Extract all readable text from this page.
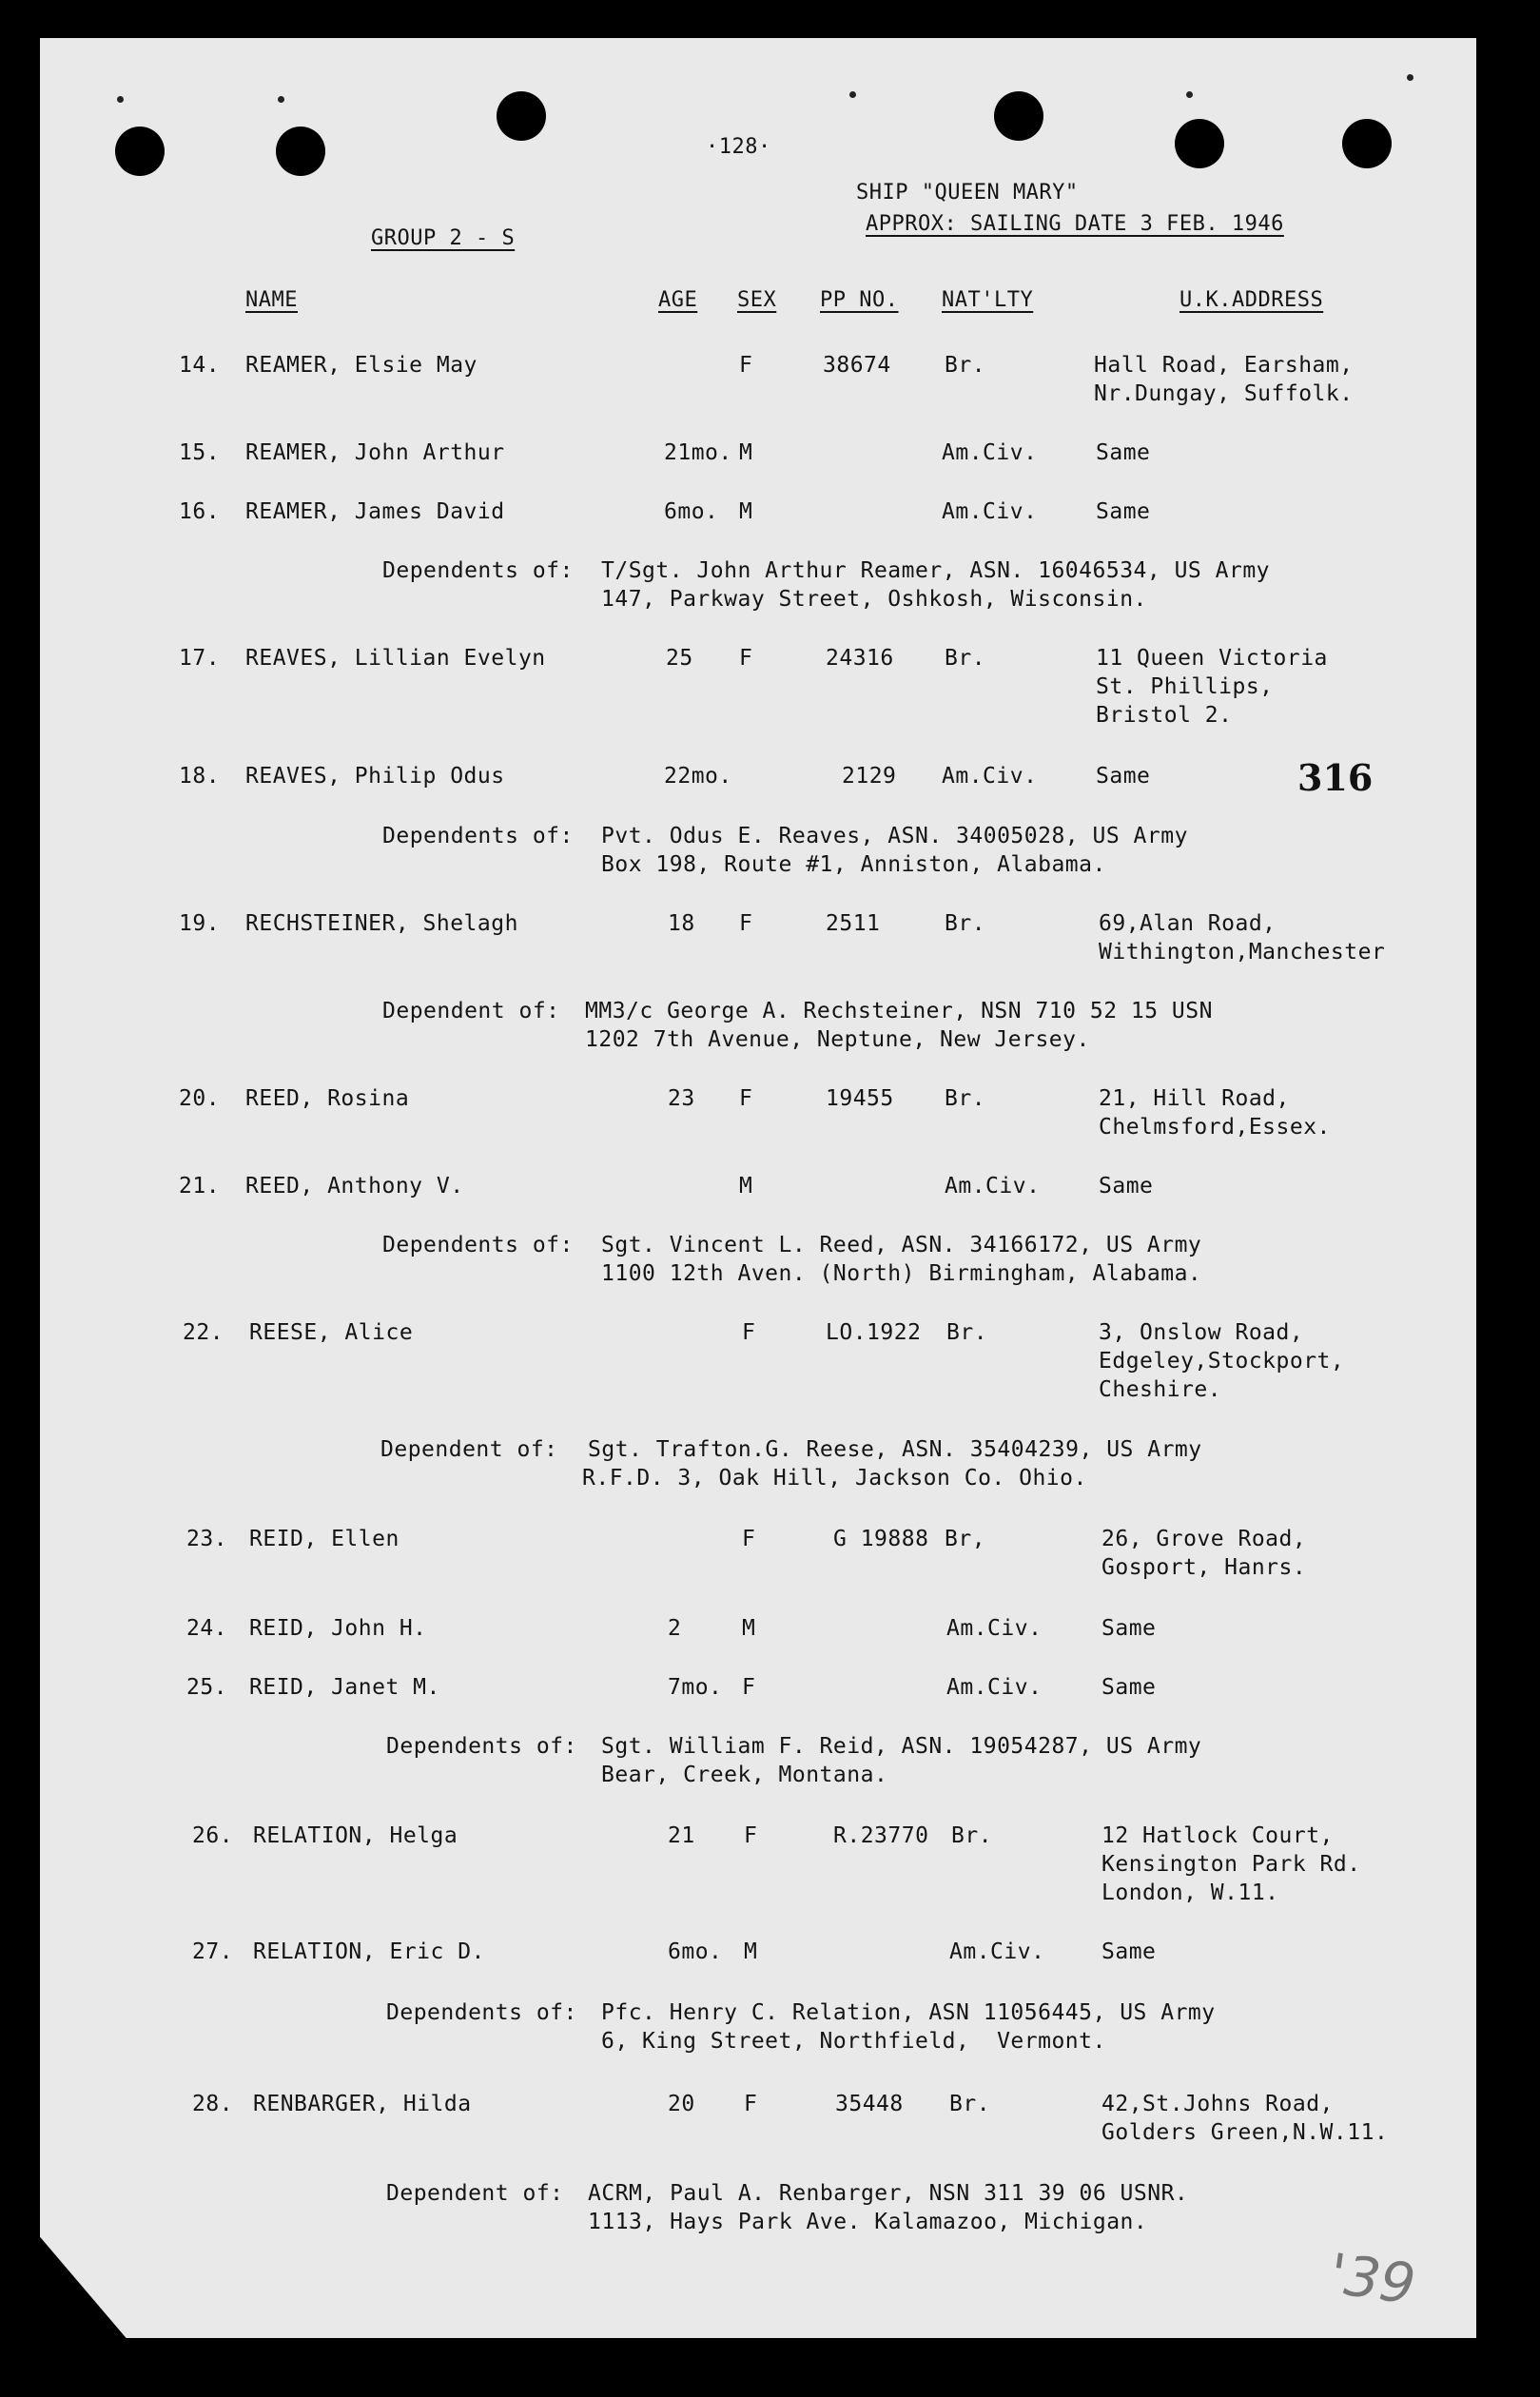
·128·
SHIP "QUEEN MARY"
APPROX: SAILING DATE 3 FEB. 1946
GROUP 2 - S
NAME	AGE SEX PP NO. NAT'LTY	U.K.ADDRESS
14. REAMER, Elsie May	F	38674 Br.	Hall Road, Earsham,
Nr.Dungay, Suffolk.
15. REAMER, John Arthur	21mo. M	Am.Civ.	Same
16. REAMER, James David	6mo. M	Am.Civ.	Same
Dependents of: T/Sgt. John Arthur Reamer, ASN. 16046534, US Army
147, Parkway Street, Oshkosh, Wisconsin.
17. REAVES, Lillian Evelyn	25 F	24316 Br.	11 Queen Victoria
St. Phillips,
Bristol 2.
18. REAVES, Philip Odus	22mo.	2129 Am.Civ.	Same	316
Dependents of: Pvt. Odus E. Reaves, ASN. 34005028, US Army
Box 198, Route #1, Anniston, Alabama.
19. RECHSTEINER, Shelagh	18 F	2511	Br.	69,Alan Road,
Withington,Manchester
Dependent of: MM3/c George A. Rechsteiner, NSN 710 52 15 USN
1202 7th Avenue, Neptune, New Jersey.
20. REED, Rosina	23 F	19455 Br.	21, Hill Road,
Chelmsford,Essex.
21. REED, Anthony V.	M	Am.Civ.	Same
Dependents of: Sgt. Vincent L. Reed, ASN. 34166172, US Army
1100 12th Aven. (North) Birmingham, Alabama.
22. REESE, Alice	F	LO.1922 Br.	3, Onslow Road,
Edgeley,Stockport,
Cheshire.
Dependent of: Sgt. Trafton.G. Reese, ASN. 35404239, US Army
R.F.D. 3, Oak Hill, Jackson Co. Ohio.
23. REID, Ellen	F	G 19888 Br,	26, Grove Road,
Gosport, Hanrs.
24. REID, John H.	2	M	Am.Civ.	Same
25. REID, Janet M.	7mo. F	Am.Civ.	Same
Dependents of: Sgt. William F. Reid, ASN. 19054287, US Army
Bear, Creek, Montana.
26. RELATION, Helga	21 F	R.23770 Br.	12 Hatlock Court,
Kensington Park Rd.
London, W.11.
27. RELATION, Eric D.	6mo. M	Am.Civ.	Same
Dependents of: Pfc. Henry C. Relation, ASN 11056445, US Army
6, King Street, Northfield,  Vermont.
28. RENBARGER, Hilda	20 F	35448 Br.	42,St.Johns Road,
Golders Green,N.W.11.
Dependent of: ACRM, Paul A. Renbarger, NSN 311 39 06 USNR.
1113, Hays Park Ave. Kalamazoo, Michigan.
'39
